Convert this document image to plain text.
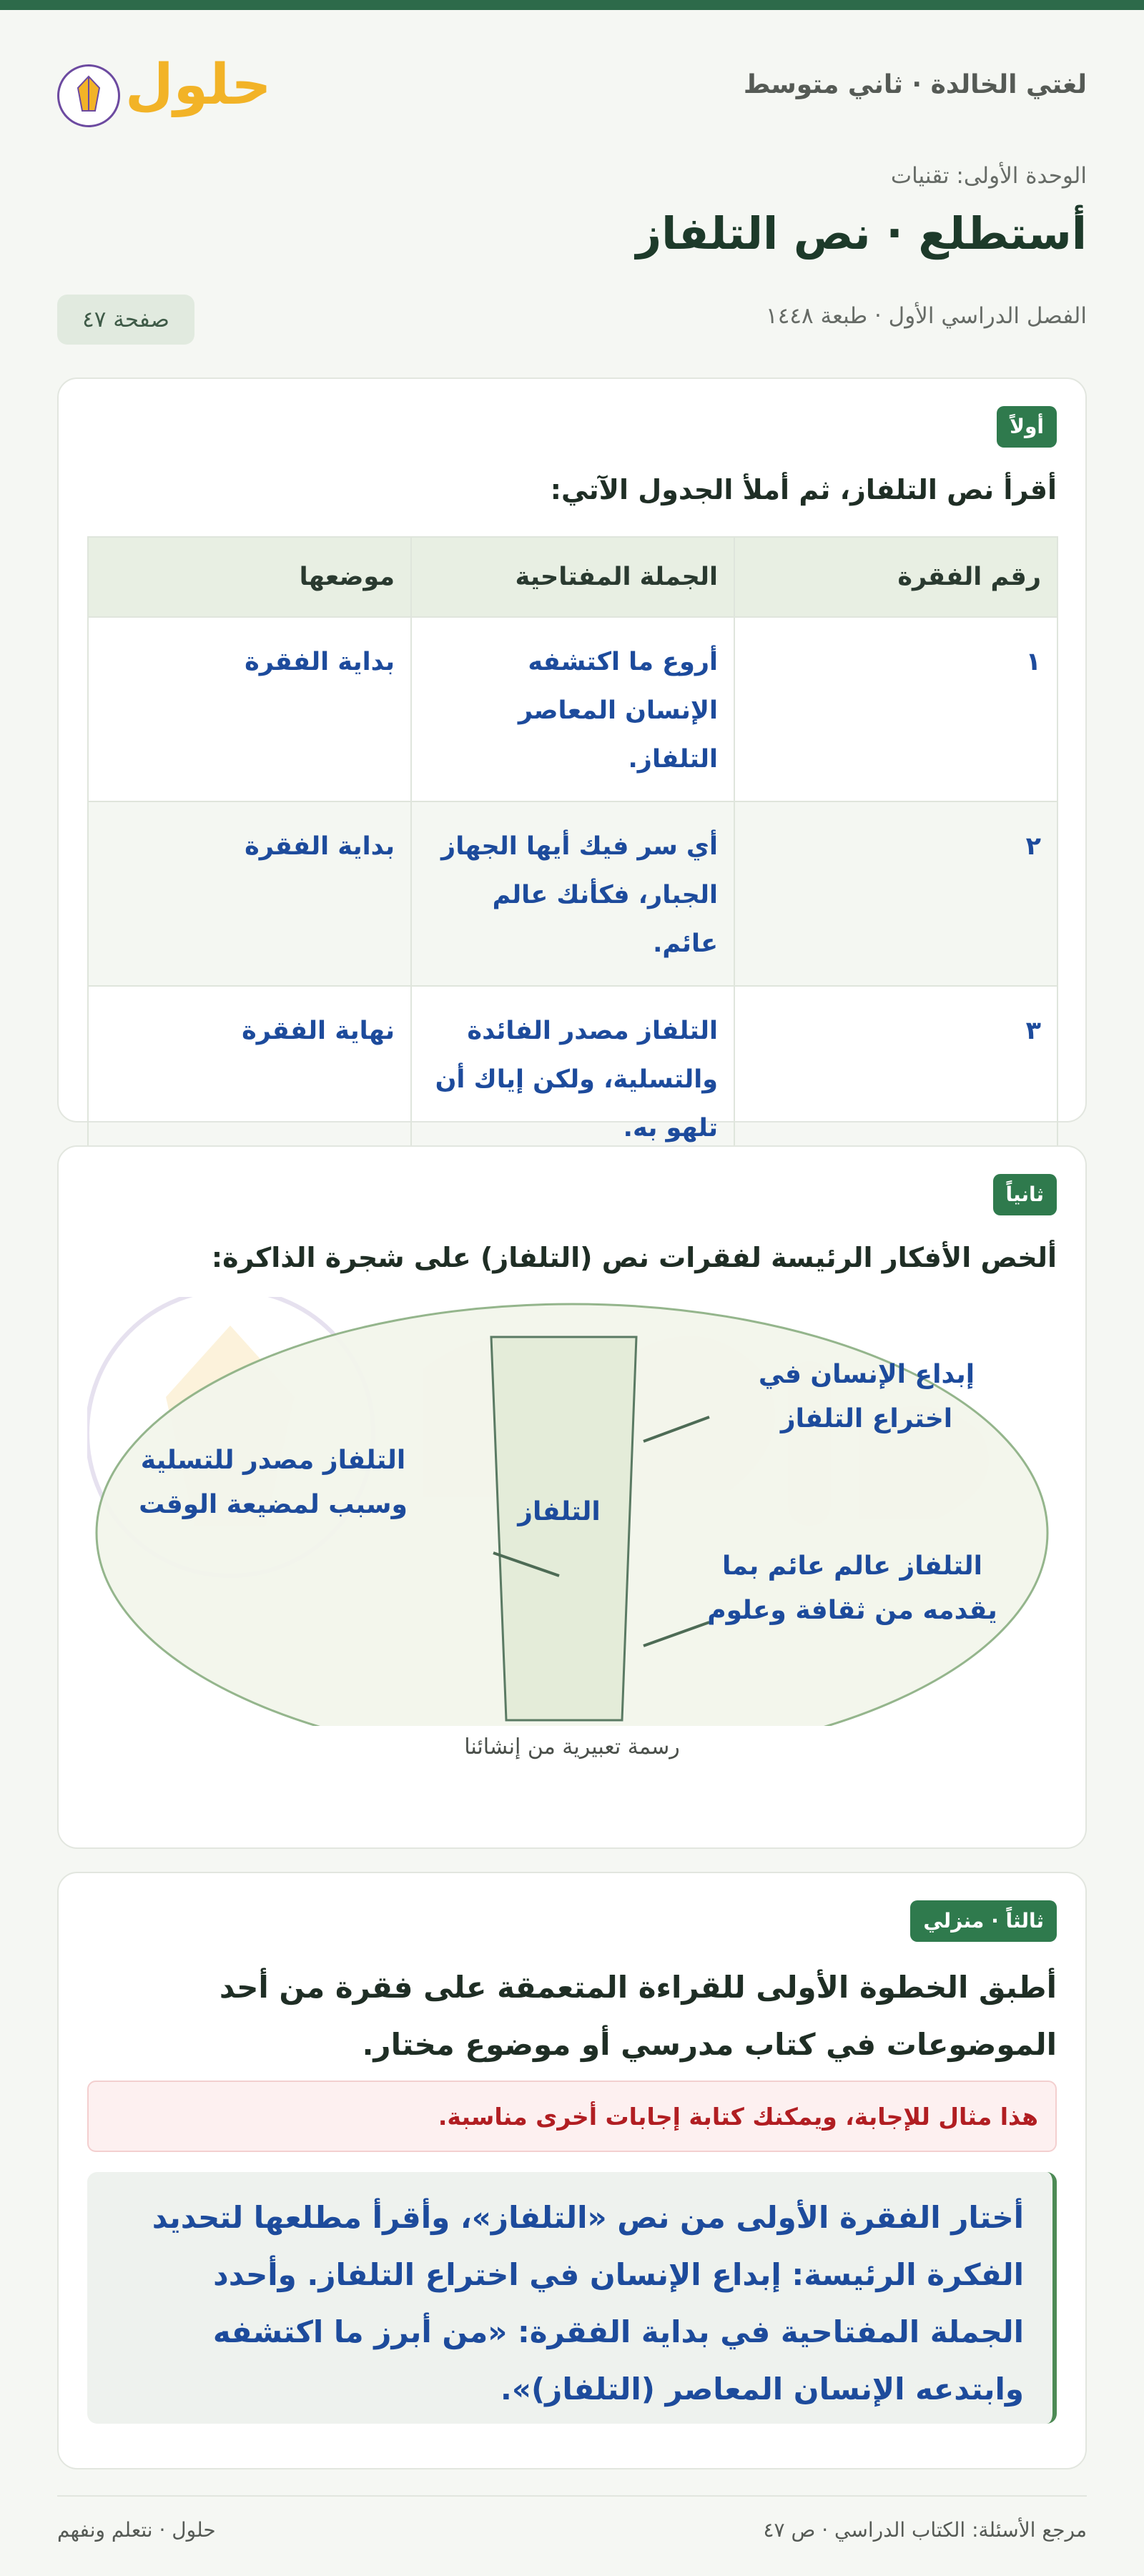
لغتي الخالدة · ثاني متوسط
حلول
الوحدة الأولى: تقنيات
أستطلع · نص التلفاز
الفصل الدراسي الأول · طبعة ١٤٤٨
صفحة ٤٧
أولاً
أقرأ نص التلفاز، ثم أملأ الجدول الآتي:
رقم الفقرة	الجملة المفتاحية	موضعها
١	أروع ما اكتشفه الإنسان المعاصر التلفاز.	بداية الفقرة
٢	أي سر فيك أيها الجهاز الجبار، فكأنك عالم عائم.	بداية الفقرة
٣	التلفاز مصدر الفائدة والتسلية، ولكن إياك أن تلهو به.	نهاية الفقرة
ثانياً
ألخص الأفكار الرئيسة لفقرات نص (التلفاز) على شجرة الذاكرة:
إبداع الإنسان في اختراع التلفاز
التلفاز عالم عائم بما يقدمه من ثقافة وعلوم
التلفاز مصدر للتسلية وسبب لمضيعة الوقت	التلفاز
رسمة تعبيرية من إنشائنا
ثالثاً · منزلي
أطبق الخطوة الأولى للقراءة المتعمقة على فقرة من أحد الموضوعات في كتاب مدرسي أو موضوع مختار.
هذا مثال للإجابة، ويمكنك كتابة إجابات أخرى مناسبة.
أختار الفقرة الأولى من نص «التلفاز»، وأقرأ مطلعها لتحديد الفكرة الرئيسة: إبداع الإنسان في اختراع التلفاز. وأحدد الجملة المفتاحية في بداية الفقرة: «من أبرز ما اكتشفه وابتدعه الإنسان المعاصر (التلفاز)».
مرجع الأسئلة: الكتاب الدراسي · ص ٤٧
حلول · نتعلم ونفهم
